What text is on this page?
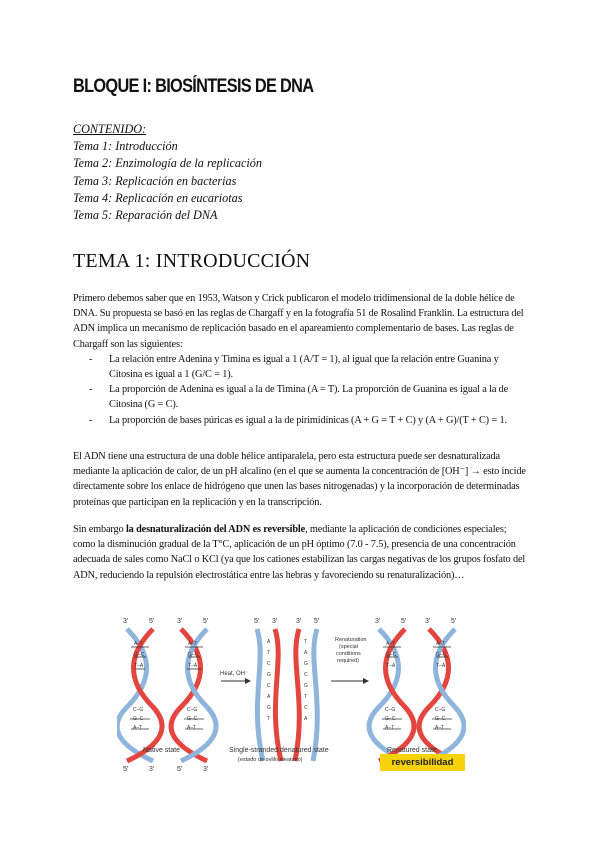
BLOQUE I: BIOSÍNTESIS DE DNA
CONTENIDO:
Tema 1: Introducción
Tema 2: Enzimología de la replicación
Tema 3: Replicación en bacterias
Tema 4: Replicación en eucariotas
Tema 5: Reparación del DNA
TEMA 1: INTRODUCCIÓN
Primero debemos saber que en 1953, Watson y Crick publicaron el modelo tridimensional de la doble hélice de DNA. Su propuesta se basó en las reglas de Chargaff y en la fotografía 51 de Rosalind Franklin. La estructura del ADN implica un mecanismo de replicación basado en el apareamiento complementario de bases. Las reglas de Chargaff son las siguientes:
- La relación entre Adenina y Timina es igual a 1 (A/T = 1), al igual que la relación entre Guanina y Citosina es igual a 1 (G/C = 1).
- La proporción de Adenina es igual a la de Timina (A = T). La proporción de Guanina es igual a la de Citosina (G = C).
- La proporción de bases púricas es igual a la de pirimidínicas (A + G = T + C) y (A + G)/(T + C) = 1.
El ADN tiene una estructura de una doble hélice antiparalela, pero esta estructura puede ser desnaturalizada mediante la aplicación de calor, de un pH alcalino (en el que se aumenta la concentración de [OH⁻] → esto incide directamente sobre los enlace de hidrógeno que unen las bases nitrogenadas) y la incorporación de determinadas proteínas que participan en la replicación y en la transcripción.
Sin embargo la desnaturalización del ADN es reversible, mediante la aplicación de condiciones especiales; como la disminución gradual de la T°C, aplicación de un pH óptimo (7.0 - 7.5), presencia de una concentración adecuada de sales como NaCl o KCl (ya que los cationes estabilizan las cargas negativas de los grupos fosfato del ADN, reduciendo la repulsión electrostática entre las hebras y favoreciendo su renaturalización)…
3'	5'	3'	5'
5'	3'	5'	3'
Heat, OH⁻
5' 3'	3' 5'
Renaturation
(special
conditions
required)
3'	5'	3'	5'
Native state	Single-stranded denatured state
(estado de ovillo aleatorio)
Renatured state
A–T
G–C
T–A
C–G
G–C
A–T
A–T
G–C
T–A
C–G
G–C
A–T
A–T
G–C
T–A
C–G
G–C
A–T
A–T
G–C
T–A
C–G
G–C
A–T
A
T
C
G
C
A
G
T
T
A
G
C
G
T
C
A
reversibilidad
